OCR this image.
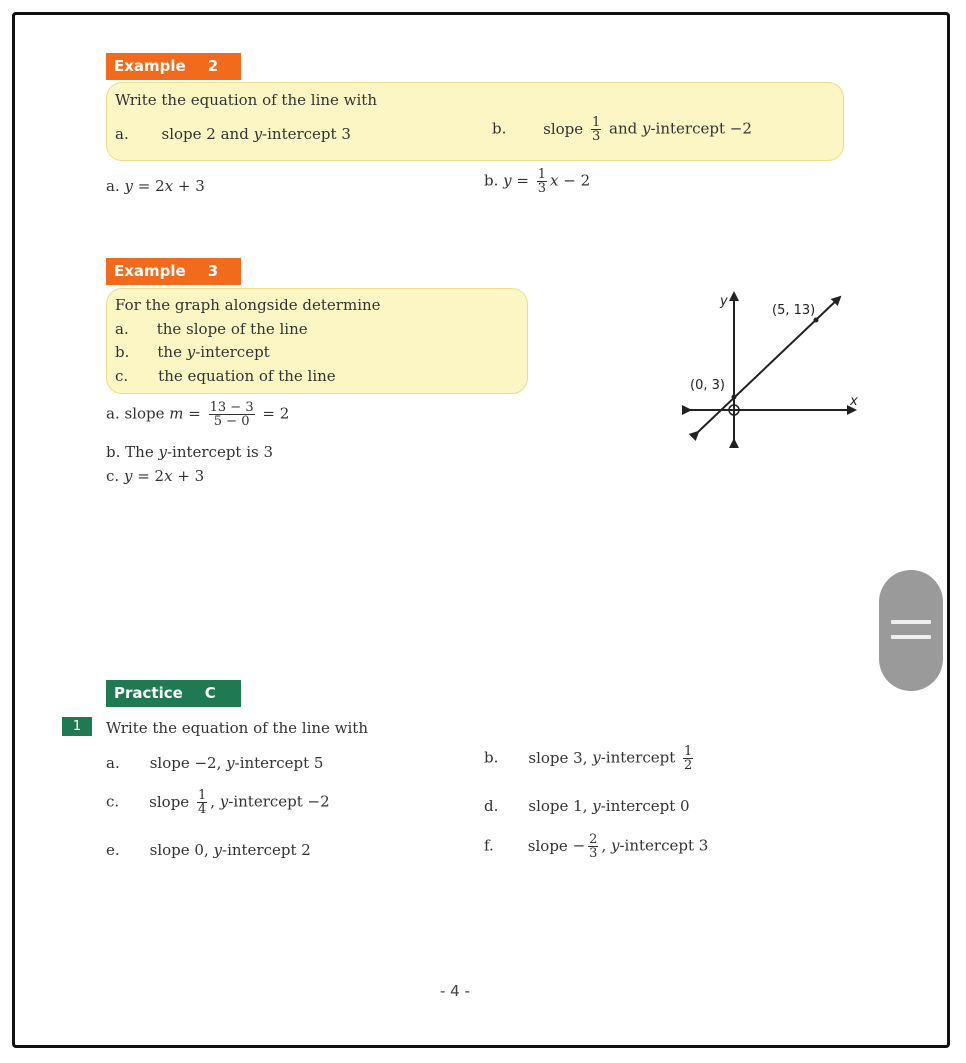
Example 2
Write the equation of the line with
a. slope 2 and y-intercept 3	b. slope $\frac{1}{3}$ and y-intercept −2
a. y = 2x + 3	b. $y = \frac{1}{3}$ x − 2
Example 3
For the graph alongside determine
a. the slope of the line
b. the y-intercept
c. the equation of the line
a. slope $m = \frac{13 - 3}{5 - 0} = 2$
b. The y-intercept is 3
c. y = 2x + 3
y
x
(0, 3)
(5, 13)
Practice C
1	Write the equation of the line with
a. slope −2, y-intercept 5	b. slope 3, y-intercept $\frac{1}{2}$
c. slope $\frac{1}{4}$ , y-intercept −2	d. slope 1, y-intercept 0
e. slope 0, y-intercept 2	f. slope − $\frac{2}{3}$ , y-intercept 3
- 4 -
